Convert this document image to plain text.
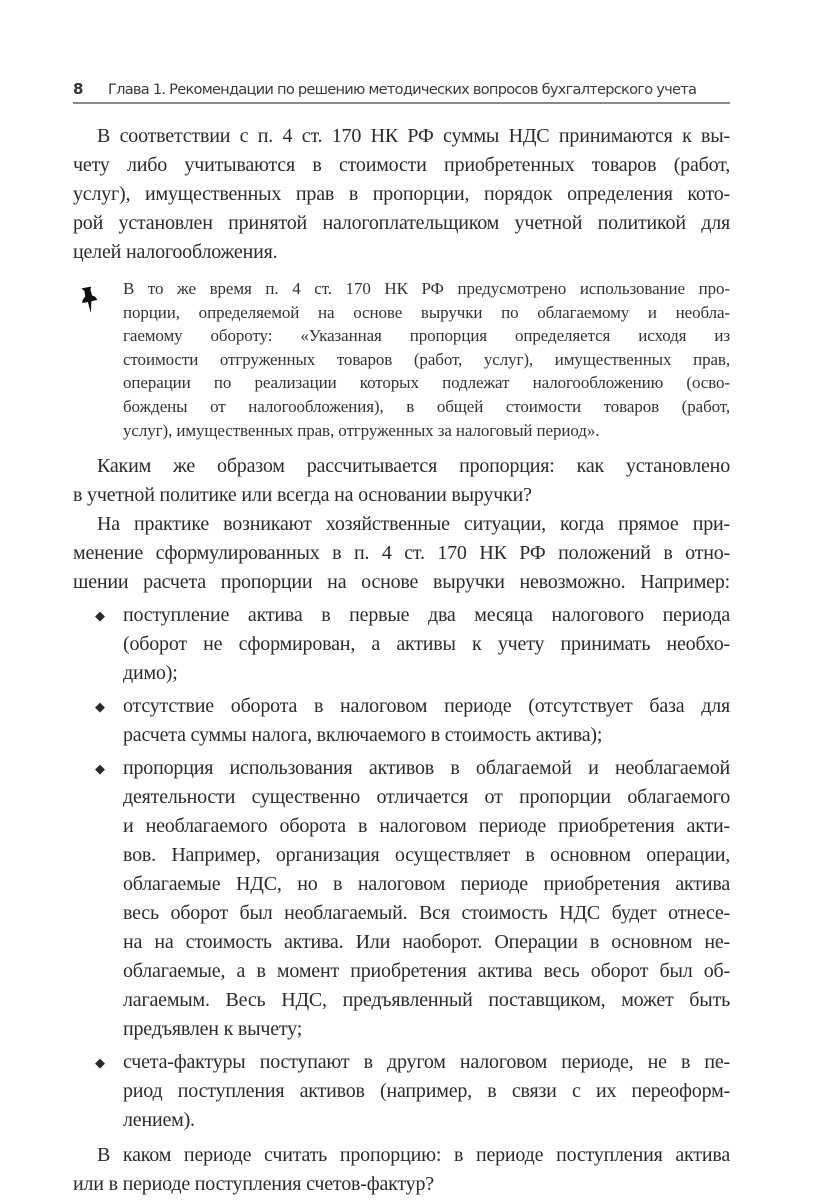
8	Глава 1. Рекомендации по решению методических вопросов бухгалтерского учета

В соответствии с п. 4 ст. 170 НК РФ суммы НДС принимаются к вы-
чету либо учитываются в стоимости приобретенных товаров (работ,
услуг), имущественных прав в пропорции, порядок определения кото-
рой установлен принятой налогоплательщиком учетной политикой для
целей налогообложения.

В то же время п. 4 ст. 170 НК РФ предусмотрено использование про-
порции, определяемой на основе выручки по облагаемому и необла-
гаемому обороту: «Указанная пропорция определяется исходя из
стоимости отгруженных товаров (работ, услуг), имущественных прав,
операции по реализации которых подлежат налогообложению (осво-
бождены от налогообложения), в общей стоимости товаров (работ,
услуг), имущественных прав, отгруженных за налоговый период».

Каким же образом рассчитывается пропорция: как установлено
в учетной политике или всегда на основании выручки?

На практике возникают хозяйственные ситуации, когда прямое при-
менение сформулированных в п. 4 ст. 170 НК РФ положений в отно-
шении расчета пропорции на основе выручки невозможно. Например:

◆ поступление актива в первые два месяца налогового периода
(оборот не сформирован, а активы к учету принимать необхо-
димо);
◆ отсутствие оборота в налоговом периоде (отсутствует база для
расчета суммы налога, включаемого в стоимость актива);
◆ пропорция использования активов в облагаемой и необлагаемой
деятельности существенно отличается от пропорции облагаемого
и необлагаемого оборота в налоговом периоде приобретения акти-
вов. Например, организация осуществляет в основном операции,
облагаемые НДС, но в налоговом периоде приобретения актива
весь оборот был необлагаемый. Вся стоимость НДС будет отнесе-
на на стоимость актива. Или наоборот. Операции в основном не-
облагаемые, а в момент приобретения актива весь оборот был об-
лагаемым. Весь НДС, предъявленный поставщиком, может быть
предъявлен к вычету;
◆ счета-фактуры поступают в другом налоговом периоде, не в пе-
риод поступления активов (например, в связи с их переоформ-
лением).

В каком периоде считать пропорцию: в периоде поступления актива
или в периоде поступления счетов-фактур?
